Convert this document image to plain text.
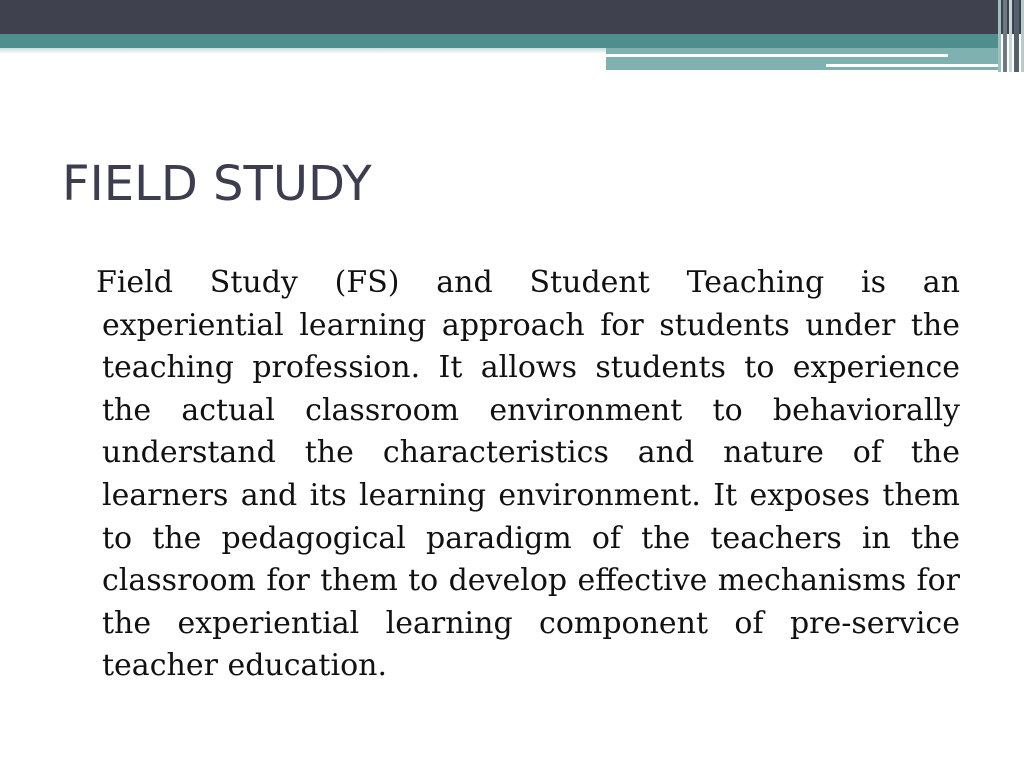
FIELD STUDY

Field Study (FS) and Student Teaching is an experiential learning approach for students under the teaching profession. It allows students to experience the actual classroom environment to behaviorally understand the characteristics and nature of the learners and its learning environment. It exposes them to the pedagogical paradigm of the teachers in the classroom for them to develop effective mechanisms for the experiential learning component of pre-service teacher education.
